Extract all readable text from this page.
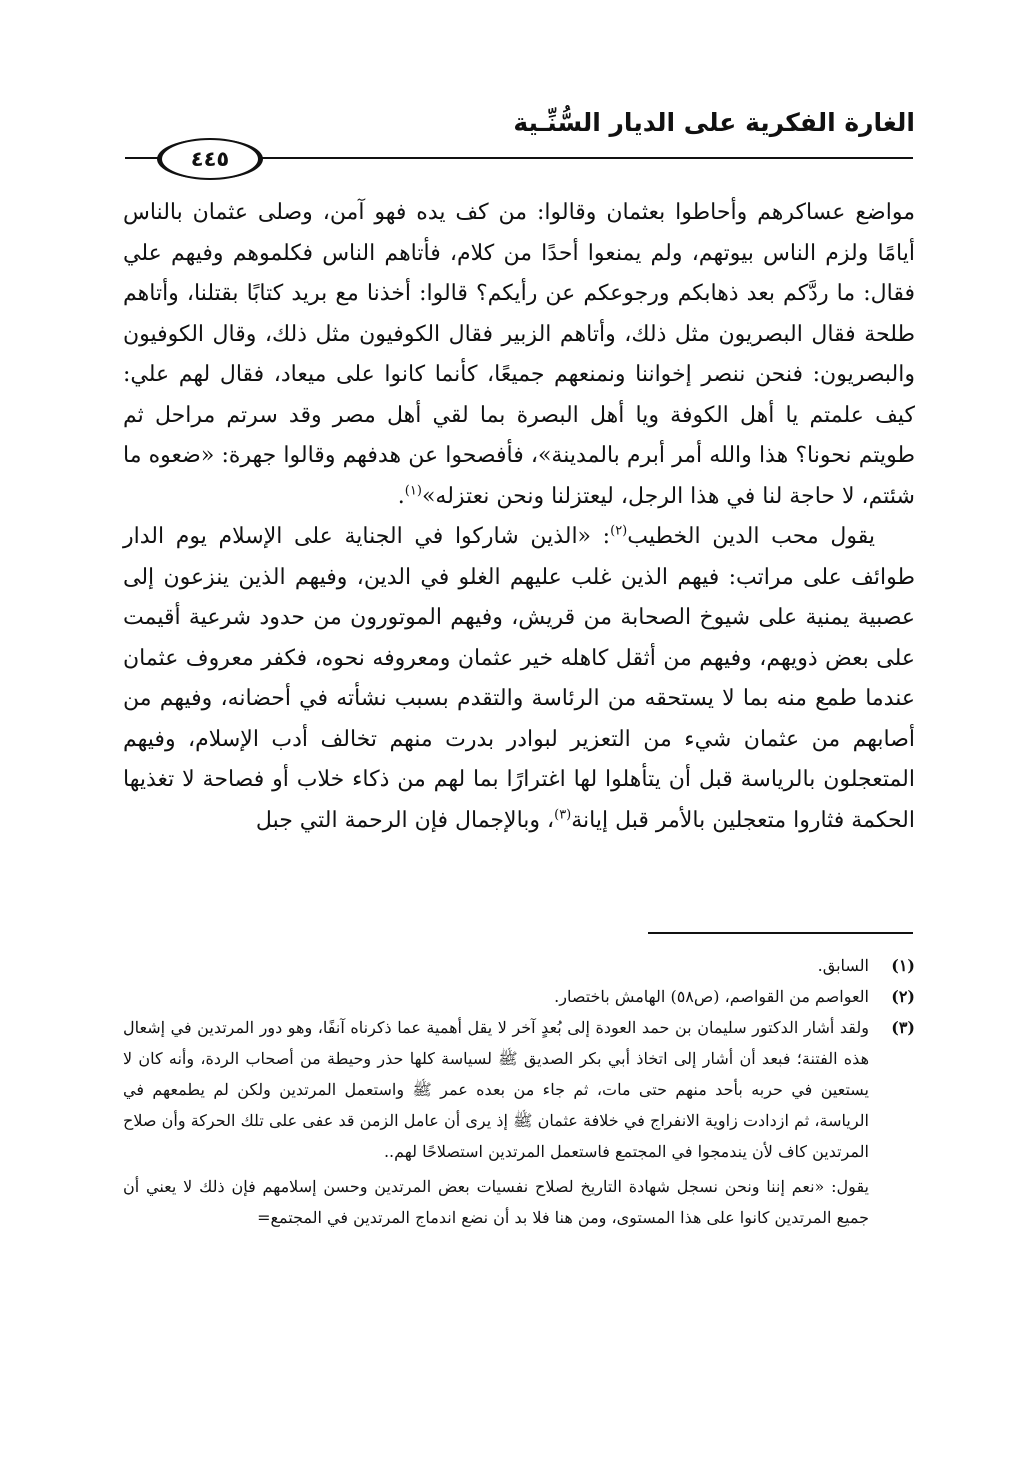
الغارة الفكرية على الديار السُّنِّـية
٤٤٥

مواضع عساكرهم وأحاطوا بعثمان وقالوا: من كف يده فهو آمن، وصلى عثمان بالناس أيامًا ولزم الناس بيوتهم، ولم يمنعوا أحدًا من كلام، فأتاهم الناس فكلموهم وفيهم علي فقال: ما ردَّكم بعد ذهابكم ورجوعكم عن رأيكم؟ قالوا: أخذنا مع بريد كتابًا بقتلنا، وأتاهم طلحة فقال البصريون مثل ذلك، وأتاهم الزبير فقال الكوفيون مثل ذلك، وقال الكوفيون والبصريون: فنحن ننصر إخواننا ونمنعهم جميعًا، كأنما كانوا على ميعاد، فقال لهم علي: كيف علمتم يا أهل الكوفة ويا أهل البصرة بما لقي أهل مصر وقد سرتم مراحل ثم طويتم نحونا؟ هذا والله أمر أبرم بالمدينة»، فأفصحوا عن هدفهم وقالوا جهرة: «ضعوه ما شئتم، لا حاجة لنا في هذا الرجل، ليعتزلنا ونحن نعتزله»$^{(١)}$.

يقول محب الدين الخطيب$^{(٢)}$: «الذين شاركوا في الجناية على الإسلام يوم الدار طوائف على مراتب: فيهم الذين غلب عليهم الغلو في الدين، وفيهم الذين ينزعون إلى عصبية يمنية على شيوخ الصحابة من قريش، وفيهم الموتورون من حدود شرعية أقيمت على بعض ذويهم، وفيهم من أثقل كاهله خير عثمان ومعروفه نحوه، فكفر معروف عثمان عندما طمع منه بما لا يستحقه من الرئاسة والتقدم بسبب نشأته في أحضانه، وفيهم من أصابهم من عثمان شيء من التعزير لبوادر بدرت منهم تخالف أدب الإسلام، وفيهم المتعجلون بالرياسة قبل أن يتأهلوا لها اغترارًا بما لهم من ذكاء خلاب أو فصاحة لا تغذيها الحكمة فثاروا متعجلين بالأمر قبل إيانة$^{(٣)}$، وبالإجمال فإن الرحمة التي جبل

(١)
السابق.
(٢)
العواصم من القواصم، (ص٥٨) الهامش باختصار.
(٣)
ولقد أشار الدكتور سليمان بن حمد العودة إلى بُعدٍ آخر لا يقل أهمية عما ذكرناه آنفًا، وهو دور المرتدين في إشعال هذه الفتنة؛ فبعد أن أشار إلى اتخاذ أبي بكر الصديق ﷺ لسياسة كلها حذر وحيطة من أصحاب الردة، وأنه كان لا يستعين في حربه بأحد منهم حتى مات، ثم جاء من بعده عمر ﷺ واستعمل المرتدين ولكن لم يطمعهم في الرياسة، ثم ازدادت زاوية الانفراج في خلافة عثمان ﷺ إذ يرى أن عامل الزمن قد عفى على تلك الحركة وأن صلاح المرتدين كاف لأن يندمجوا في المجتمع فاستعمل المرتدين استصلاحًا لهم..
يقول: «نعم إننا ونحن نسجل شهادة التاريخ لصلاح نفسيات بعض المرتدين وحسن إسلامهم فإن ذلك لا يعني أن جميع المرتدين كانوا على هذا المستوى، ومن هنا فلا بد أن نضع اندماج المرتدين في المجتمع=
